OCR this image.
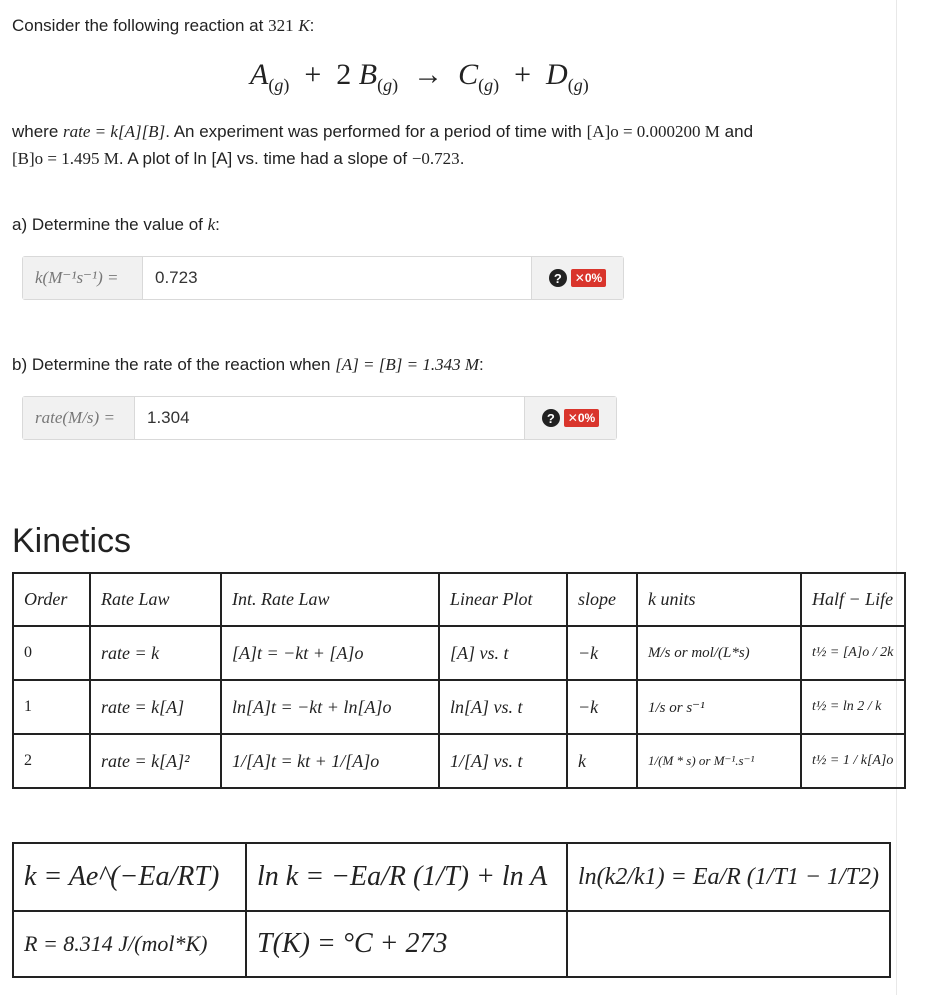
Consider the following reaction at 321 K:
$A_{(g)} + 2$ $B_{(g)} \to C_{(g)} + D_{(g)}$
where rate = k[A][B]. An experiment was performed for a period of time with [A]o = 0.000200 M and
[B]o = 1.495 M. A plot of ln [A] vs. time had a slope of −0.723.
a) Determine the value of k:
k(M⁻¹s⁻¹) =	0.723	?	✕0%
b) Determine the rate of the reaction when [A] = [B] = 1.343 M:
rate(M/s) =	1.304	?	✕0%
Kinetics
Order	Rate Law	Int. Rate Law	Linear Plot	slope	k units	Half − Life
0	rate = k	[A]t = −kt + [A]o	[A] vs. t	−k	M/s or mol/(L*s)	t½ = [A]o / 2k
1	rate = k[A]	ln[A]t = −kt + ln[A]o	ln[A] vs. t	−k	1/s or s⁻¹	t½ = ln 2 / k
2	rate = k[A]²	1/[A]t = kt + 1/[A]o	1/[A] vs. t	k	1/(M * s) or M⁻¹.s⁻¹	t½ = 1 / k[A]o
k = Ae^(−Ea/RT)	ln k = −Ea/R (1/T) + ln A	ln(k2/k1) = Ea/R (1/T1 − 1/T2)
R = 8.314 J/(mol*K)	T(K) = °C + 273	
